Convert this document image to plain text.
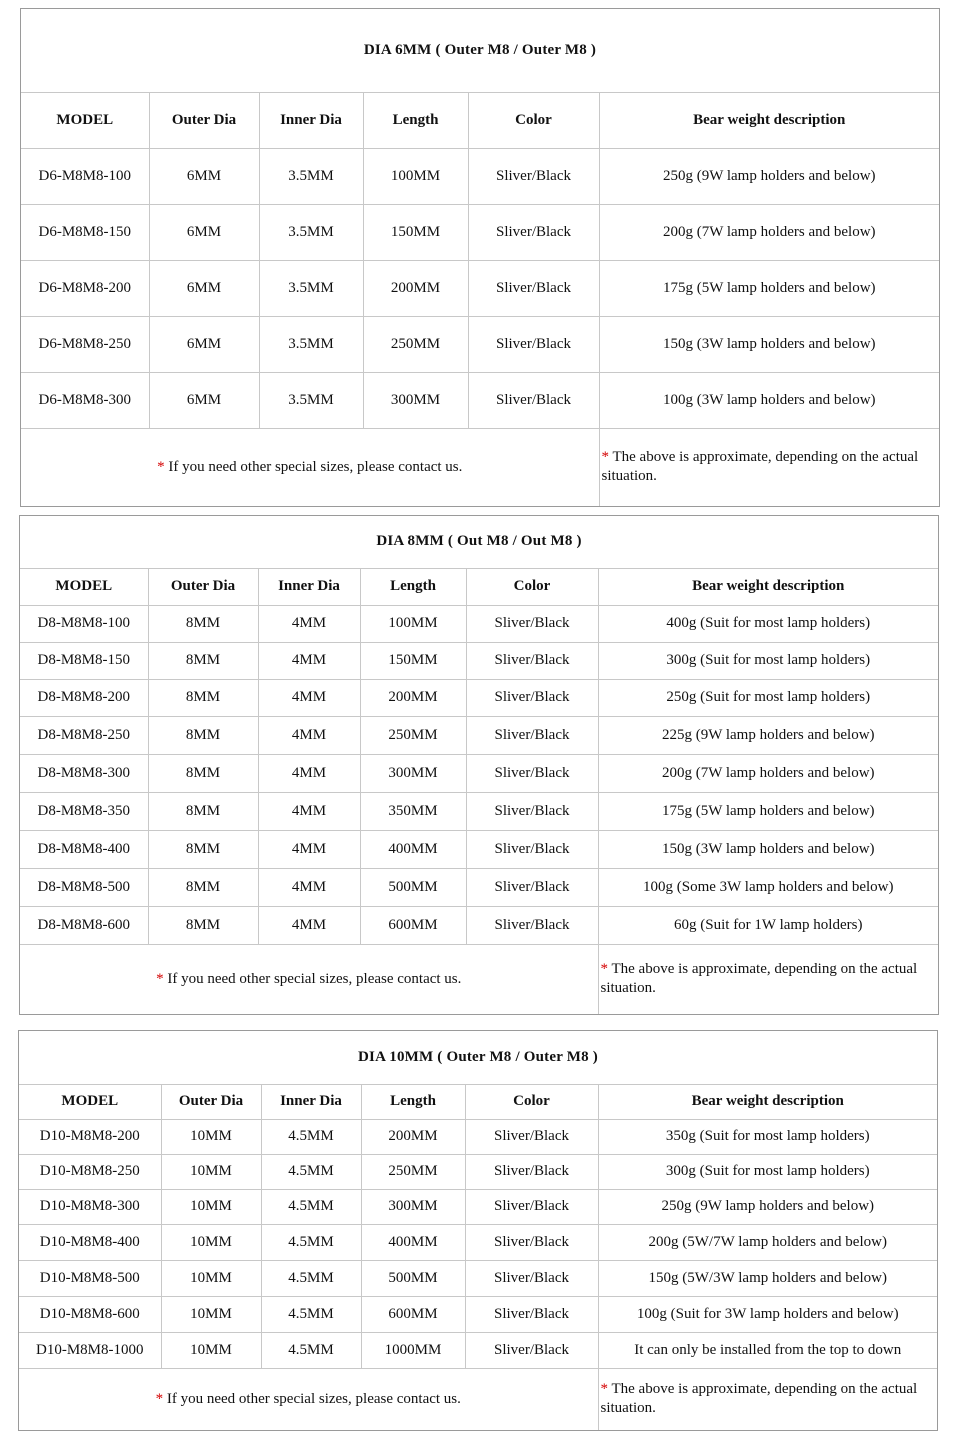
DIA 6MM ( Outer M8 / Outer M8 )					
MODEL	Outer Dia	Inner Dia	Length	Color	Bear weight description
D6-M8M8-100	6MM	3.5MM	100MM	Sliver/Black	250g (9W lamp holders and below)
D6-M8M8-150	6MM	3.5MM	150MM	Sliver/Black	200g (7W lamp holders and below)
D6-M8M8-200	6MM	3.5MM	200MM	Sliver/Black	175g (5W lamp holders and below)
D6-M8M8-250	6MM	3.5MM	250MM	Sliver/Black	150g (3W lamp holders and below)
D6-M8M8-300	6MM	3.5MM	300MM	Sliver/Black	100g (3W lamp holders and below)
* If you need other special sizes, please contact us.					* The above is approximate, depending on the actual situation.
DIA 8MM ( Out M8 / Out M8 )					
MODEL	Outer Dia	Inner Dia	Length	Color	Bear weight description
D8-M8M8-100	8MM	4MM	100MM	Sliver/Black	400g (Suit for most lamp holders)
D8-M8M8-150	8MM	4MM	150MM	Sliver/Black	300g (Suit for most lamp holders)
D8-M8M8-200	8MM	4MM	200MM	Sliver/Black	250g (Suit for most lamp holders)
D8-M8M8-250	8MM	4MM	250MM	Sliver/Black	225g (9W lamp holders and below)
D8-M8M8-300	8MM	4MM	300MM	Sliver/Black	200g (7W lamp holders and below)
D8-M8M8-350	8MM	4MM	350MM	Sliver/Black	175g (5W lamp holders and below)
D8-M8M8-400	8MM	4MM	400MM	Sliver/Black	150g (3W lamp holders and below)
D8-M8M8-500	8MM	4MM	500MM	Sliver/Black	100g (Some 3W lamp holders and below)
D8-M8M8-600	8MM	4MM	600MM	Sliver/Black	60g (Suit for 1W lamp holders)
* If you need other special sizes, please contact us.					* The above is approximate, depending on the actual situation.
DIA 10MM ( Outer M8 / Outer M8 )					
MODEL	Outer Dia	Inner Dia	Length	Color	Bear weight description
D10-M8M8-200	10MM	4.5MM	200MM	Sliver/Black	350g (Suit for most lamp holders)
D10-M8M8-250	10MM	4.5MM	250MM	Sliver/Black	300g (Suit for most lamp holders)
D10-M8M8-300	10MM	4.5MM	300MM	Sliver/Black	250g (9W lamp holders and below)
D10-M8M8-400	10MM	4.5MM	400MM	Sliver/Black	200g (5W/7W lamp holders and below)
D10-M8M8-500	10MM	4.5MM	500MM	Sliver/Black	150g (5W/3W lamp holders and below)
D10-M8M8-600	10MM	4.5MM	600MM	Sliver/Black	100g (Suit for 3W lamp holders and below)
D10-M8M8-1000	10MM	4.5MM	1000MM	Sliver/Black	It can only be installed from the top to down
* If you need other special sizes, please contact us.					* The above is approximate, depending on the actual situation.
